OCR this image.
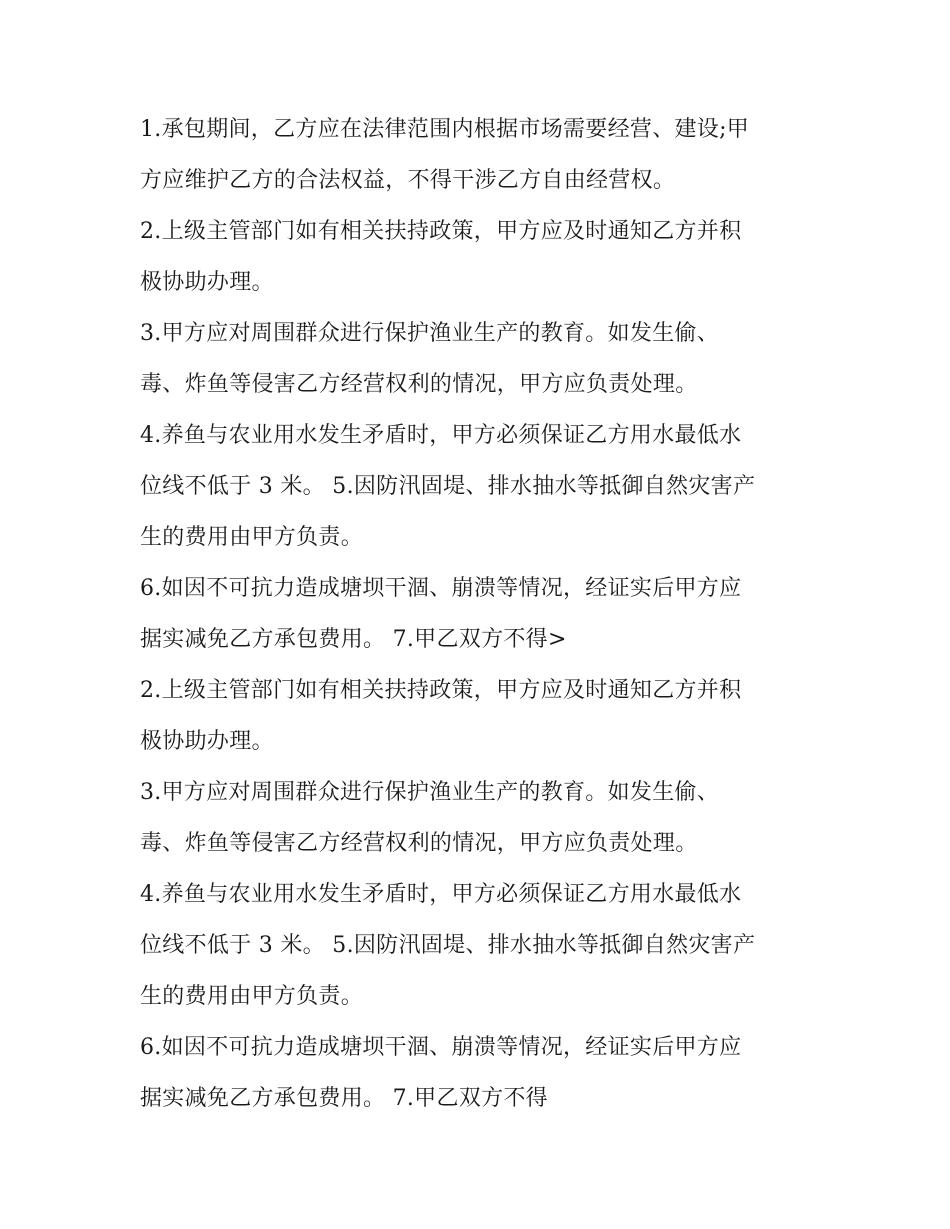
1.承包期间，乙方应在法律范围内根据市场需要经营、建设;甲
方应维护乙方的合法权益，不得干涉乙方自由经营权。
2.上级主管部门如有相关扶持政策，甲方应及时通知乙方并积
极协助办理。
3.甲方应对周围群众进行保护渔业生产的教育。如发生偷、
毒、炸鱼等侵害乙方经营权利的情况，甲方应负责处理。
4.养鱼与农业用水发生矛盾时，甲方必须保证乙方用水最低水
位线不低于 3 米。 5.因防汛固堤、排水抽水等抵御自然灾害产
生的费用由甲方负责。
6.如因不可抗力造成塘坝干涸、崩溃等情况，经证实后甲方应
据实减免乙方承包费用。 7.甲乙双方不得>
2.上级主管部门如有相关扶持政策，甲方应及时通知乙方并积
极协助办理。
3.甲方应对周围群众进行保护渔业生产的教育。如发生偷、
毒、炸鱼等侵害乙方经营权利的情况，甲方应负责处理。
4.养鱼与农业用水发生矛盾时，甲方必须保证乙方用水最低水
位线不低于 3 米。 5.因防汛固堤、排水抽水等抵御自然灾害产
生的费用由甲方负责。
6.如因不可抗力造成塘坝干涸、崩溃等情况，经证实后甲方应
据实减免乙方承包费用。 7.甲乙双方不得
